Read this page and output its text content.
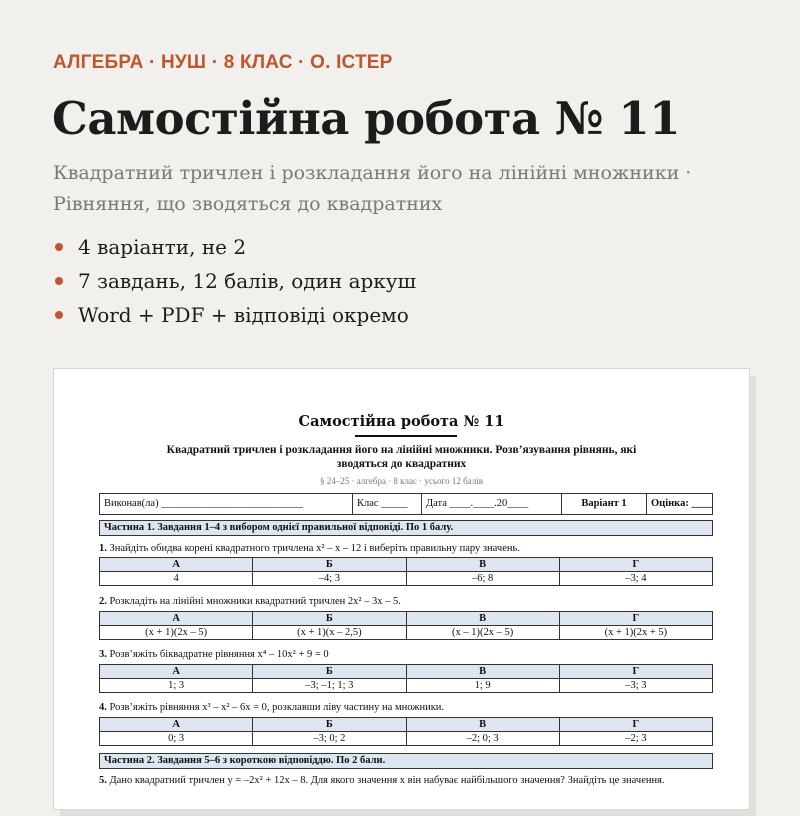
АЛГЕБРА · НУШ · 8 КЛАС · О. ІСТЕР
Самостійна робота № 11
Квадратний тричлен і розкладання його на лінійні множники ·
Рівняння, що зводяться до квадратних
4 варіанти, не 2
7 завдань, 12 балів, один аркуш
Word + PDF + відповіді окремо
Самостійна робота № 11
Квадратний тричлен і розкладання його на лінійні множники. Розв’язування рівнянь, які
зводяться до квадратних
§ 24–25 · алгебра · 8 клас · усього 12 балів
Виконав(ла) ___________________________	Клас _____	Дата ____.____.20____	Варіант 1	Оцінка: ____
Частина 1. Завдання 1–4 з вибором однієї правильної відповіді. По 1 балу.
1. Знайдіть обидва корені квадратного тричлена x² – x – 12 і виберіть правильну пару значень.
А	Б	В	Г
4	–4; 3	–6; 8	–3; 4
2. Розкладіть на лінійні множники квадратний тричлен 2x² – 3x – 5.
А	Б	В	Г
(x + 1)(2x – 5)	(x + 1)(x – 2,5)	(x – 1)(2x – 5)	(x + 1)(2x + 5)
3. Розв’яжіть біквадратне рівняння x⁴ – 10x² + 9 = 0
А	Б	В	Г
1; 3	–3; –1; 1; 3	1; 9	–3; 3
4. Розв’яжіть рівняння x³ – x² – 6x = 0, розклавши ліву частину на множники.
А	Б	В	Г
0; 3	–3; 0; 2	–2; 0; 3	–2; 3
Частина 2. Завдання 5–6 з короткою відповіддю. По 2 бали.
5. Дано квадратний тричлен y = –2x² + 12x – 8. Для якого значення x він набуває найбільшого значення? Знайдіть це значення.
